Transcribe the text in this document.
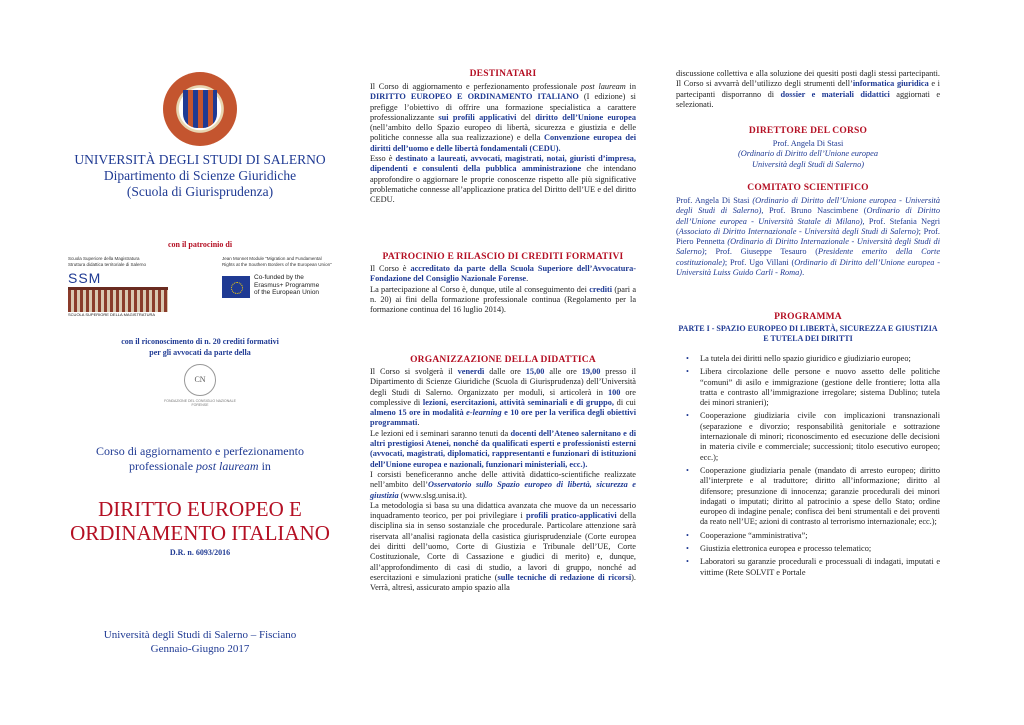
UNIVERSITÀ DEGLI STUDI DI SALERNO
Dipartimento di Scienze Giuridiche
(Scuola di Giurisprudenza)
con il patrocinio di
Scuola Superiore della Magistratura
Struttura didattica territoriale di Salerno
SSM
SCUOLA SUPERIORE DELLA MAGISTRATURA
Jean Monnet Module "Migration and Fundamental
Rights at the Southern Borders of the European Union"
Co-funded by the
Erasmus+ Programme
of the European Union
con il riconoscimento di n. 20 crediti formativi
per gli avvocati da parte della
CN
FONDAZIONE DEL CONSIGLIO NAZIONALE FORENSE
Corso di aggiornamento e perfezionamento
professionale post lauream in
DIRITTO EUROPEO E
ORDINAMENTO ITALIANO
D.R. n. 6093/2016
Università degli Studi di Salerno – Fisciano
Gennaio-Giugno 2017
DESTINATARI
Il Corso di aggiornamento e perfezionamento professionale post lauream in DIRITTO EUROPEO E ORDINAMENTO ITALIANO (I edizione) si prefigge l’obiettivo di offrire una formazione specialistica a carattere professionalizzante sui profili applicativi del diritto dell’Unione europea (nell’ambito dello Spazio europeo di libertà, sicurezza e giustizia e delle politiche connesse alla sua realizzazione) e della Convenzione europea dei diritti dell’uomo e delle libertà fondamentali (CEDU).
Esso è destinato a laureati, avvocati, magistrati, notai, giuristi d’impresa, dipendenti e consulenti della pubblica amministrazione che intendano approfondire o aggiornare le proprie conoscenze rispetto alle più significative problematiche connesse all’applicazione pratica del Diritto dell’UE e del diritto CEDU.
PATROCINIO E RILASCIO DI CREDITI FORMATIVI
Il Corso è accreditato da parte della Scuola Superiore dell’Avvocatura-Fondazione del Consiglio Nazionale Forense.
La partecipazione al Corso è, dunque, utile al conseguimento dei crediti (pari a n. 20) ai fini della formazione professionale continua (Regolamento per la formazione continua del 16 luglio 2014).
ORGANIZZAZIONE DELLA DIDATTICA
Il Corso si svolgerà il venerdì dalle ore 15,00 alle ore 19,00 presso il Dipartimento di Scienze Giuridiche (Scuola di Giurisprudenza) dell’Università degli Studi di Salerno. Organizzato per moduli, si articolerà in 100 ore complessive di lezioni, esercitazioni, attività seminariali e di gruppo, di cui almeno 15 ore in modalità e-learning e 10 ore per la verifica degli obiettivi programmati.
Le lezioni ed i seminari saranno tenuti da docenti dell’Ateneo salernitano e di altri prestigiosi Atenei, nonché da qualificati esperti e professionisti esterni (avvocati, magistrati, diplomatici, rappresentanti e funzionari di istituzioni dell’Unione europea e nazionali, funzionari ministeriali, ecc.).
I corsisti beneficeranno anche delle attività didattico-scientifiche realizzate nell’ambito dell’Osservatorio sullo Spazio europeo di libertà, sicurezza e giustizia (www.slsg.unisa.it).
La metodologia si basa su una didattica avanzata che muove da un necessario inquadramento teorico, per poi privilegiare i profili pratico-applicativi della disciplina sia in senso sostanziale che procedurale. Particolare attenzione sarà riservata all’analisi ragionata della casistica giurisprudenziale (Corte europea dei diritti dell’uomo, Corte di Giustizia e Tribunale dell’UE, Corte Costituzionale, Corte di Cassazione e giudici di merito) e, dunque, all’approfondimento di casi di studio, a lavori di gruppo, nonché ad esercitazioni e simulazioni pratiche (sulle tecniche di redazione di ricorsi). Verrà, altresì, assicurato ampio spazio alla
discussione collettiva e alla soluzione dei quesiti posti dagli stessi partecipanti. Il Corso si avvarrà dell’utilizzo degli strumenti dell’informatica giuridica e i partecipanti disporranno di dossier e materiali didattici aggiornati e selezionati.
DIRETTORE DEL CORSO
Prof. Angela Di Stasi
(Ordinario di Diritto dell’Unione europea
Università degli Studi di Salerno)
COMITATO SCIENTIFICO
Prof. Angela Di Stasi (Ordinario di Diritto dell’Unione europea - Università degli Studi di Salerno), Prof. Bruno Nascimbene (Ordinario di Diritto dell’Unione europea - Università Statale di Milano), Prof. Stefania Negri (Associato di Diritto Internazionale - Università degli Studi di Salerno); Prof. Piero Pennetta (Ordinario di Diritto Internazionale - Università degli Studi di Salerno); Prof. Giuseppe Tesauro (Presidente emerito della Corte costituzionale); Prof. Ugo Villani (Ordinario di Diritto dell’Unione europea - Università Luiss Guido Carli - Roma).
PROGRAMMA
PARTE I - SPAZIO EUROPEO DI LIBERTÀ, SICUREZZA E GIUSTIZIA E TUTELA DEI DIRITTI
• La tutela dei diritti nello spazio giuridico e giudiziario europeo;
• Libera circolazione delle persone e nuovo assetto delle politiche “comuni” di asilo e immigrazione (gestione delle frontiere; lotta alla tratta e contrasto all’immigrazione irregolare; sistema Dublino; tutela dei minori stranieri);
• Cooperazione giudiziaria civile con implicazioni transnazionali (separazione e divorzio; responsabilità genitoriale e sottrazione internazionale di minori; riconoscimento ed esecuzione delle decisioni in materia civile e commerciale; successioni; titolo esecutivo europeo; ecc.);
• Cooperazione giudiziaria penale (mandato di arresto europeo; diritto all’interprete e al traduttore; diritto all’informazione; diritto al difensore; presunzione di innocenza; garanzie procedurali dei minori indagati o imputati; diritto al patrocinio a spese dello Stato; ordine europeo di indagine penale; confisca dei beni strumentali e dei proventi da reato nell’UE; azioni di contrasto al terrorismo internazionale; ecc.);
• Cooperazione “amministrativa”;
• Giustizia elettronica europea e processo telematico;
• Laboratori su garanzie procedurali e processuali di indagati, imputati e vittime (Rete SOLVIT e Portale
